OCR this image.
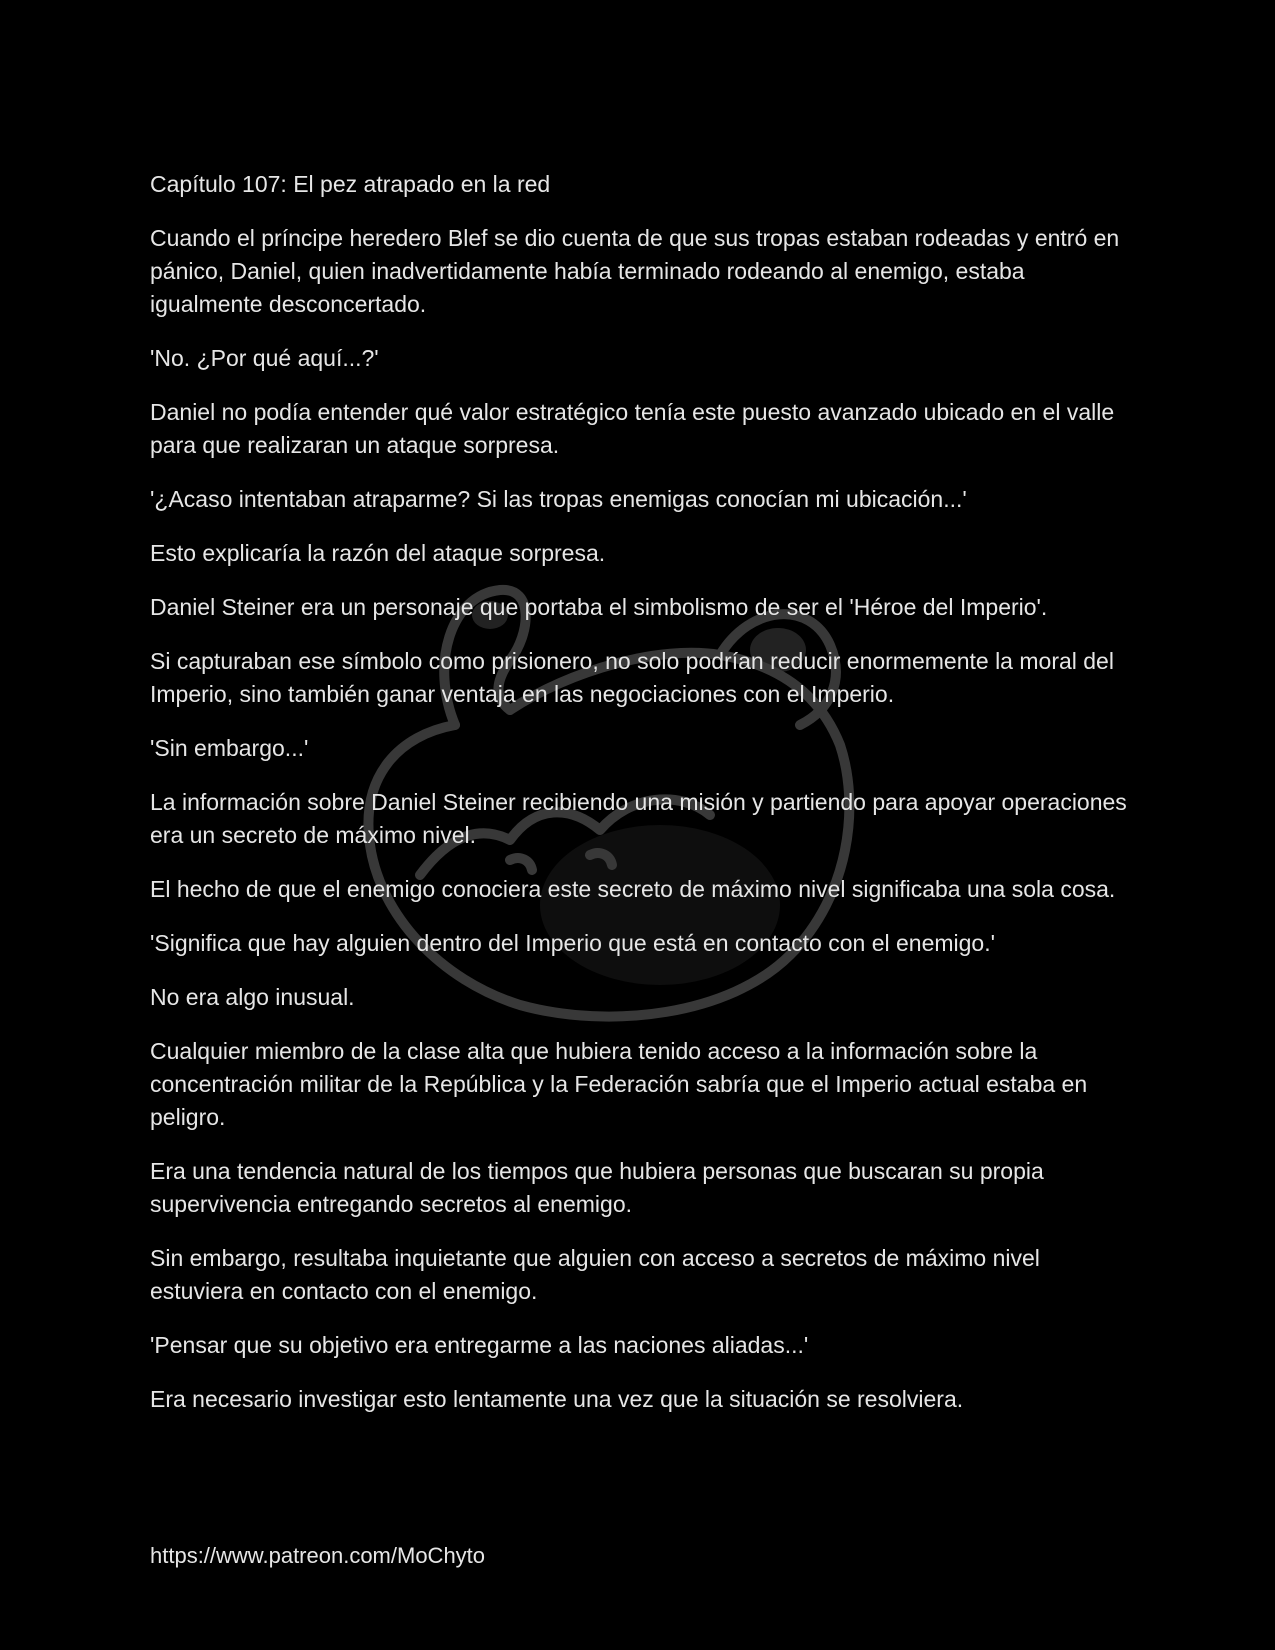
Capítulo 107: El pez atrapado en la red
Cuando el príncipe heredero Blef se dio cuenta de que sus tropas estaban rodeadas y entró en pánico, Daniel, quien inadvertidamente había terminado rodeando al enemigo, estaba igualmente desconcertado.
'No. ¿Por qué aquí...?'
Daniel no podía entender qué valor estratégico tenía este puesto avanzado ubicado en el valle para que realizaran un ataque sorpresa.
'¿Acaso intentaban atraparme? Si las tropas enemigas conocían mi ubicación...'
Esto explicaría la razón del ataque sorpresa.
Daniel Steiner era un personaje que portaba el simbolismo de ser el 'Héroe del Imperio'.
Si capturaban ese símbolo como prisionero, no solo podrían reducir enormemente la moral del Imperio, sino también ganar ventaja en las negociaciones con el Imperio.
'Sin embargo...'
La información sobre Daniel Steiner recibiendo una misión y partiendo para apoyar operaciones era un secreto de máximo nivel.
El hecho de que el enemigo conociera este secreto de máximo nivel significaba una sola cosa.
'Significa que hay alguien dentro del Imperio que está en contacto con el enemigo.'
No era algo inusual.
Cualquier miembro de la clase alta que hubiera tenido acceso a la información sobre la concentración militar de la República y la Federación sabría que el Imperio actual estaba en peligro.
Era una tendencia natural de los tiempos que hubiera personas que buscaran su propia supervivencia entregando secretos al enemigo.
Sin embargo, resultaba inquietante que alguien con acceso a secretos de máximo nivel estuviera en contacto con el enemigo.
'Pensar que su objetivo era entregarme a las naciones aliadas...'
Era necesario investigar esto lentamente una vez que la situación se resolviera.
https://www.patreon.com/MoChyto
